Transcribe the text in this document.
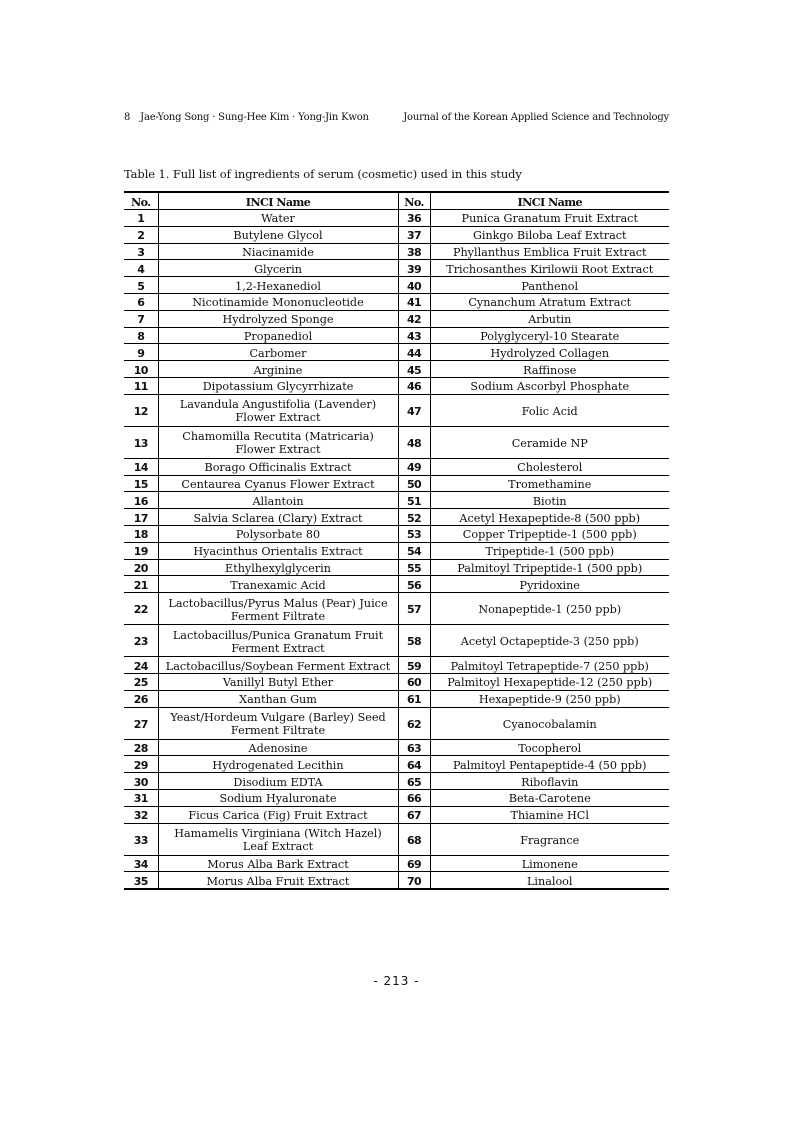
8 Jae-Yong Song · Sung-Hee Kim · Yong-Jin Kwon	Journal of the Korean Applied Science and Technology
Table 1. Full list of ingredients of serum (cosmetic) used in this study
No.	INCI Name	No.	INCI Name
1	Water	36	Punica Granatum Fruit Extract
2	Butylene Glycol	37	Ginkgo Biloba Leaf Extract
3	Niacinamide	38	Phyllanthus Emblica Fruit Extract
4	Glycerin	39	Trichosanthes Kirilowii Root Extract
5	1,2-Hexanediol	40	Panthenol
6	Nicotinamide Mononucleotide	41	Cynanchum Atratum Extract
7	Hydrolyzed Sponge	42	Arbutin
8	Propanediol	43	Polyglyceryl-10 Stearate
9	Carbomer	44	Hydrolyzed Collagen
10	Arginine	45	Raffinose
11	Dipotassium Glycyrrhizate	46	Sodium Ascorbyl Phosphate
12	Lavandula Angustifolia (Lavender) Flower Extract	47	Folic Acid
13	Chamomilla Recutita (Matricaria) Flower Extract	48	Ceramide NP
14	Borago Officinalis Extract	49	Cholesterol
15	Centaurea Cyanus Flower Extract	50	Tromethamine
16	Allantoin	51	Biotin
17	Salvia Sclarea (Clary) Extract	52	Acetyl Hexapeptide-8 (500 ppb)
18	Polysorbate 80	53	Copper Tripeptide-1 (500 ppb)
19	Hyacinthus Orientalis Extract	54	Tripeptide-1 (500 ppb)
20	Ethylhexylglycerin	55	Palmitoyl Tripeptide-1 (500 ppb)
21	Tranexamic Acid	56	Pyridoxine
22	Lactobacillus/Pyrus Malus (Pear) Juice Ferment Filtrate	57	Nonapeptide-1 (250 ppb)
23	Lactobacillus/Punica Granatum Fruit Ferment Extract	58	Acetyl Octapeptide-3 (250 ppb)
24	Lactobacillus/Soybean Ferment Extract	59	Palmitoyl Tetrapeptide-7 (250 ppb)
25	Vanillyl Butyl Ether	60	Palmitoyl Hexapeptide-12 (250 ppb)
26	Xanthan Gum	61	Hexapeptide-9 (250 ppb)
27	Yeast/Hordeum Vulgare (Barley) Seed Ferment Filtrate	62	Cyanocobalamin
28	Adenosine	63	Tocopherol
29	Hydrogenated Lecithin	64	Palmitoyl Pentapeptide-4 (50 ppb)
30	Disodium EDTA	65	Riboflavin
31	Sodium Hyaluronate	66	Beta-Carotene
32	Ficus Carica (Fig) Fruit Extract	67	Thiamine HCl
33	Hamamelis Virginiana (Witch Hazel) Leaf Extract	68	Fragrance
34	Morus Alba Bark Extract	69	Limonene
35	Morus Alba Fruit Extract	70	Linalool
- 213 -
